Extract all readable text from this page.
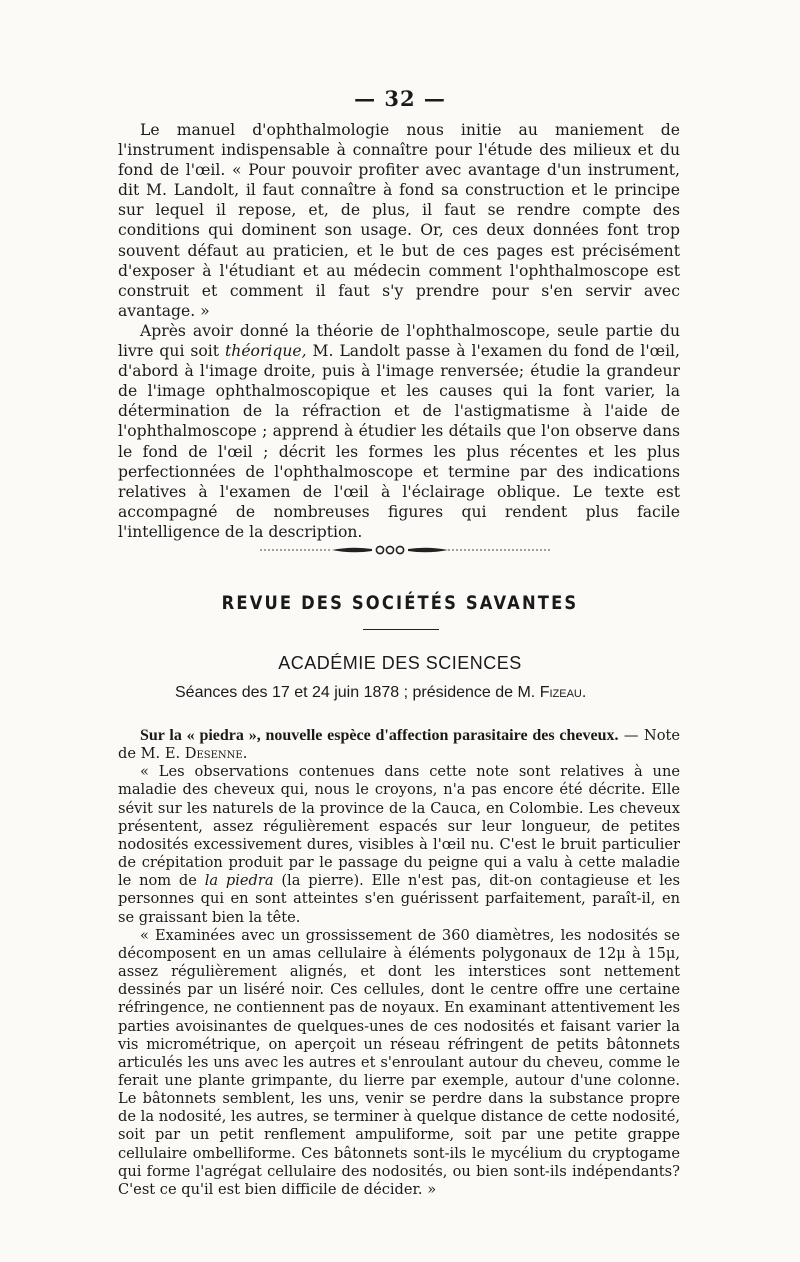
— 32 —

Le manuel d'ophthalmologie nous initie au maniement de l'instrument indispensable à connaître pour l'étude des milieux et du fond de l'œil. « Pour pouvoir profiter avec avantage d'un instrument, dit M. Landolt, il faut connaître à fond sa construction et le principe sur lequel il repose, et, de plus, il faut se rendre compte des conditions qui dominent son usage. Or, ces deux données font trop souvent défaut au praticien, et le but de ces pages est précisément d'exposer à l'étudiant et au médecin comment l'ophthalmoscope est construit et comment il faut s'y prendre pour s'en servir avec avantage. »

Après avoir donné la théorie de l'ophthalmoscope, seule partie du livre qui soit théorique, M. Landolt passe à l'examen du fond de l'œil, d'abord à l'image droite, puis à l'image renversée; étudie la grandeur de l'image ophthalmoscopique et les causes qui la font varier, la détermination de la réfraction et de l'astigmatisme à l'aide de l'ophthalmoscope ; apprend à étudier les détails que l'on observe dans le fond de l'œil ; décrit les formes les plus récentes et les plus perfectionnées de l'ophthalmoscope et termine par des indications relatives à l'examen de l'œil à l'éclairage oblique. Le texte est accompagné de nombreuses figures qui rendent plus facile l'intelligence de la description.

REVUE DES SOCIÉTÉS SAVANTES
ACADÉMIE DES SCIENCES
Séances des 17 et 24 juin 1878 ; présidence de M. Fizeau.

Sur la « piedra », nouvelle espèce d'affection parasitaire des cheveux. — Note de M. E. Desenne.

« Les observations contenues dans cette note sont relatives à une maladie des cheveux qui, nous le croyons, n'a pas encore été décrite. Elle sévit sur les naturels de la province de la Cauca, en Colombie. Les cheveux présentent, assez régulièrement espacés sur leur longueur, de petites nodosités excessivement dures, visibles à l'œil nu. C'est le bruit particulier de crépitation produit par le passage du peigne qui a valu à cette maladie le nom de la piedra (la pierre). Elle n'est pas, dit-on contagieuse et les personnes qui en sont atteintes s'en guérissent parfaitement, paraît-il, en se graissant bien la tête.

« Examinées avec un grossissement de 360 diamètres, les nodosités se décomposent en un amas cellulaire à éléments polygonaux de 12μ à 15μ, assez régulièrement alignés, et dont les interstices sont nettement dessinés par un liséré noir. Ces cellules, dont le centre offre une certaine réfringence, ne contiennent pas de noyaux. En examinant attentivement les parties avoisinantes de quelques-unes de ces nodosités et faisant varier la vis micrométrique, on aperçoit un réseau réfringent de petits bâtonnets articulés les uns avec les autres et s'enroulant autour du cheveu, comme le ferait une plante grimpante, du lierre par exemple, autour d'une colonne. Le bâtonnets semblent, les uns, venir se perdre dans la substance propre de la nodosité, les autres, se terminer à quelque distance de cette nodosité, soit par un petit renflement ampuliforme, soit par une petite grappe cellulaire ombelliforme. Ces bâtonnets sont-ils le mycélium du cryptogame qui forme l'agrégat cellulaire des nodosités, ou bien sont-ils indépendants? C'est ce qu'il est bien difficile de décider. »
